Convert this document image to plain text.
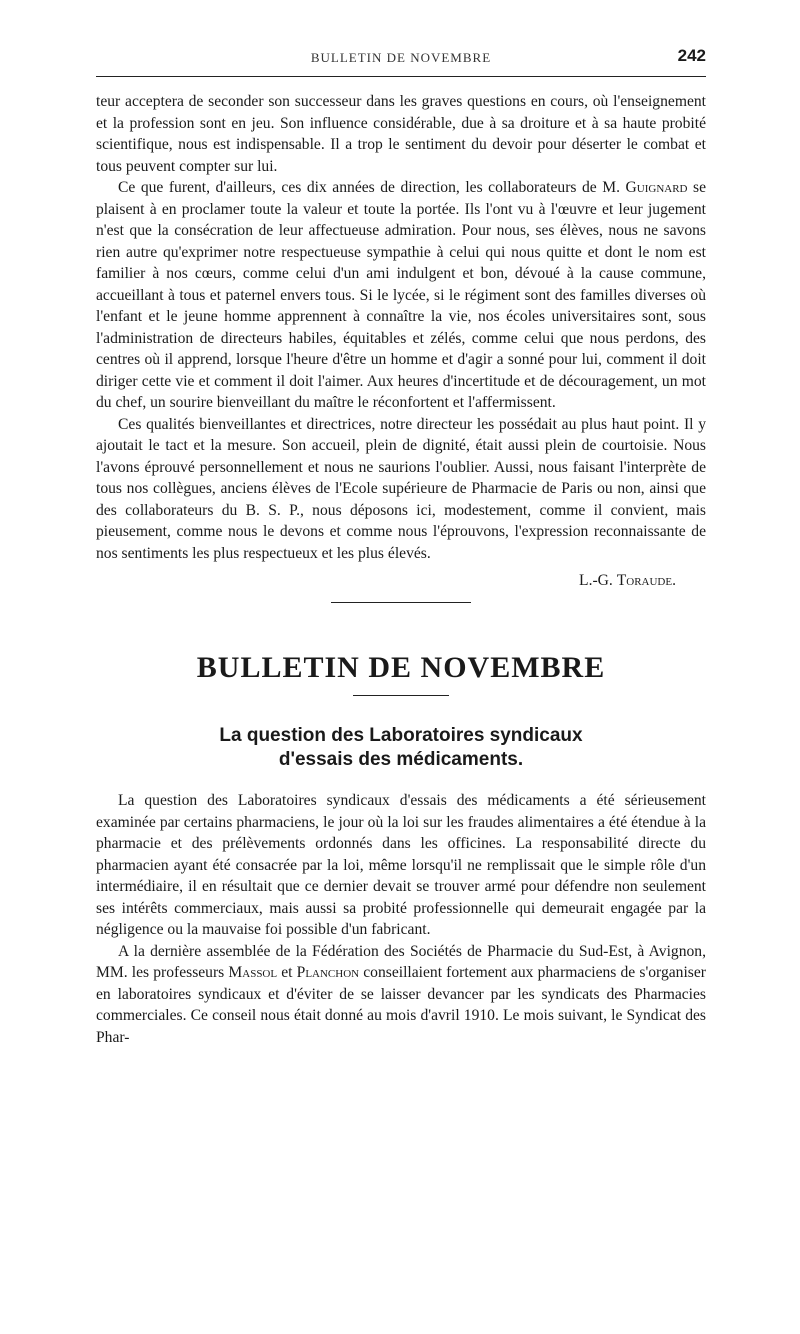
BULLETIN DE NOVEMBRE	242

teur acceptera de seconder son successeur dans les graves questions en cours, où l'enseignement et la profession sont en jeu. Son influence considérable, due à sa droiture et à sa haute probité scientifique, nous est indispensable. Il a trop le sentiment du devoir pour déserter le combat et tous peuvent compter sur lui.

Ce que furent, d'ailleurs, ces dix années de direction, les collaborateurs de M. Guignard se plaisent à en proclamer toute la valeur et toute la portée. Ils l'ont vu à l'œuvre et leur jugement n'est que la consécration de leur affectueuse admiration. Pour nous, ses élèves, nous ne savons rien autre qu'exprimer notre respectueuse sympathie à celui qui nous quitte et dont le nom est familier à nos cœurs, comme celui d'un ami indulgent et bon, dévoué à la cause commune, accueillant à tous et paternel envers tous. Si le lycée, si le régiment sont des familles diverses où l'enfant et le jeune homme apprennent à connaître la vie, nos écoles universitaires sont, sous l'administration de directeurs habiles, équitables et zélés, comme celui que nous perdons, des centres où il apprend, lorsque l'heure d'être un homme et d'agir a sonné pour lui, comment il doit diriger cette vie et comment il doit l'aimer. Aux heures d'incertitude et de découragement, un mot du chef, un sourire bienveillant du maître le réconfortent et l'affermissent.

Ces qualités bienveillantes et directrices, notre directeur les possédait au plus haut point. Il y ajoutait le tact et la mesure. Son accueil, plein de dignité, était aussi plein de courtoisie. Nous l'avons éprouvé personnellement et nous ne saurions l'oublier. Aussi, nous faisant l'interprète de tous nos collègues, anciens élèves de l'Ecole supérieure de Pharmacie de Paris ou non, ainsi que des collaborateurs du B. S. P., nous déposons ici, modestement, comme il convient, mais pieusement, comme nous le devons et comme nous l'éprouvons, l'expression reconnaissante de nos sentiments les plus respectueux et les plus élevés.

L.-G. Toraude.
BULLETIN DE NOVEMBRE
La question des Laboratoires syndicaux
d'essais des médicaments.

La question des Laboratoires syndicaux d'essais des médicaments a été sérieusement examinée par certains pharmaciens, le jour où la loi sur les fraudes alimentaires a été étendue à la pharmacie et des prélèvements ordonnés dans les officines. La responsabilité directe du pharmacien ayant été consacrée par la loi, même lorsqu'il ne remplissait que le simple rôle d'un intermédiaire, il en résultait que ce dernier devait se trouver armé pour défendre non seulement ses intérêts commerciaux, mais aussi sa probité professionnelle qui demeurait engagée par la négligence ou la mauvaise foi possible d'un fabricant.

A la dernière assemblée de la Fédération des Sociétés de Pharmacie du Sud-Est, à Avignon, MM. les professeurs Massol et Planchon conseillaient fortement aux pharmaciens de s'organiser en laboratoires syndicaux et d'éviter de se laisser devancer par les syndicats des Pharmacies commerciales. Ce conseil nous était donné au mois d'avril 1910. Le mois suivant, le Syndicat des Phar-
